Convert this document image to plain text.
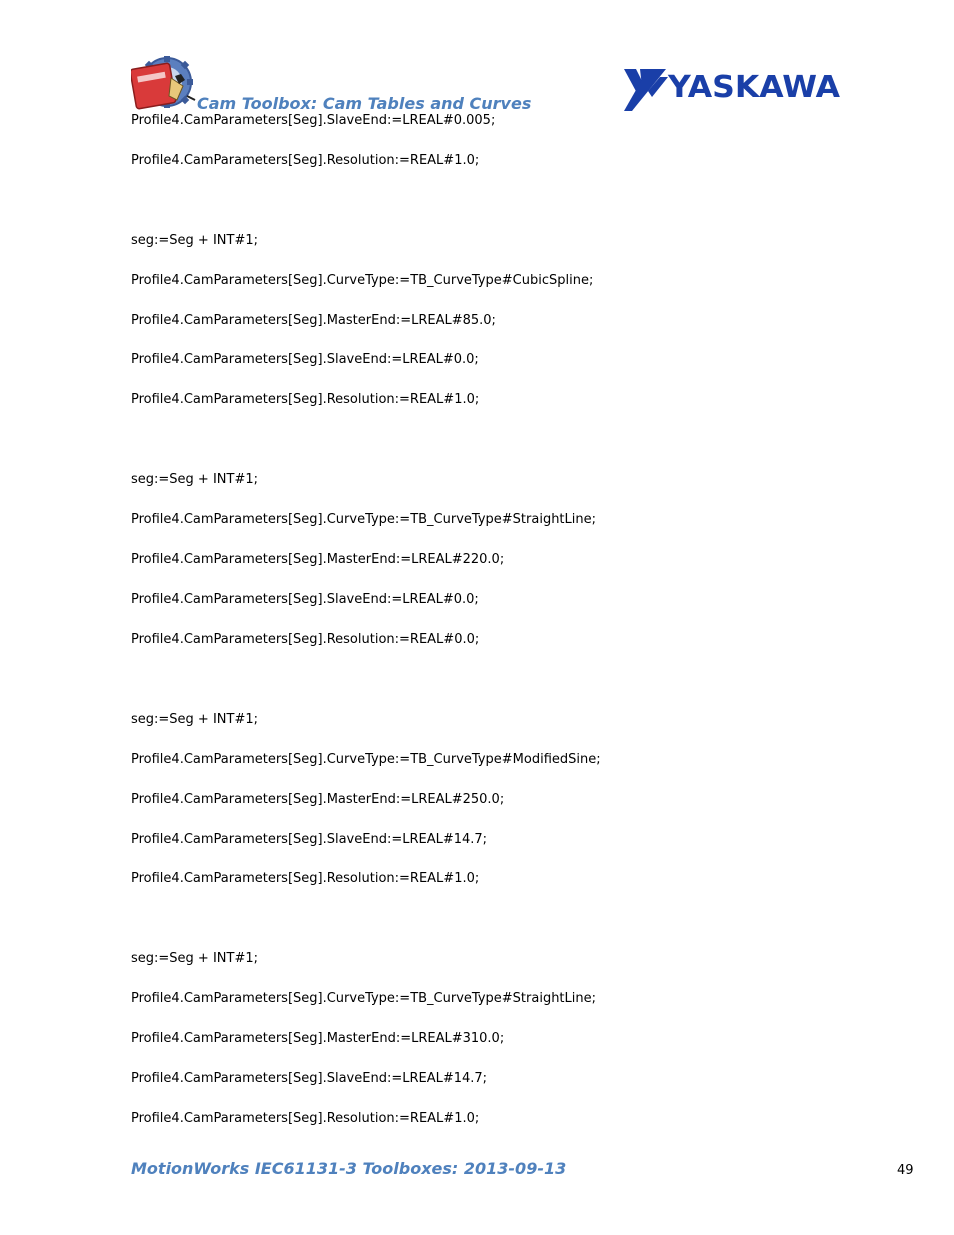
Cam Toolbox: Cam Tables and Curves	YASKAWA
Profile4.CamParameters[Seg].SlaveEnd:=LREAL#0.005;
Profile4.CamParameters[Seg].Resolution:=REAL#1.0;
seg:=Seg + INT#1;
Profile4.CamParameters[Seg].CurveType:=TB_CurveType#CubicSpline;
Profile4.CamParameters[Seg].MasterEnd:=LREAL#85.0;
Profile4.CamParameters[Seg].SlaveEnd:=LREAL#0.0;
Profile4.CamParameters[Seg].Resolution:=REAL#1.0;
seg:=Seg + INT#1;
Profile4.CamParameters[Seg].CurveType:=TB_CurveType#StraightLine;
Profile4.CamParameters[Seg].MasterEnd:=LREAL#220.0;
Profile4.CamParameters[Seg].SlaveEnd:=LREAL#0.0;
Profile4.CamParameters[Seg].Resolution:=REAL#0.0;
seg:=Seg + INT#1;
Profile4.CamParameters[Seg].CurveType:=TB_CurveType#ModifiedSine;
Profile4.CamParameters[Seg].MasterEnd:=LREAL#250.0;
Profile4.CamParameters[Seg].SlaveEnd:=LREAL#14.7;
Profile4.CamParameters[Seg].Resolution:=REAL#1.0;
seg:=Seg + INT#1;
Profile4.CamParameters[Seg].CurveType:=TB_CurveType#StraightLine;
Profile4.CamParameters[Seg].MasterEnd:=LREAL#310.0;
Profile4.CamParameters[Seg].SlaveEnd:=LREAL#14.7;
Profile4.CamParameters[Seg].Resolution:=REAL#1.0;
MotionWorks IEC61131-3 Toolboxes: 2013-09-13	49
